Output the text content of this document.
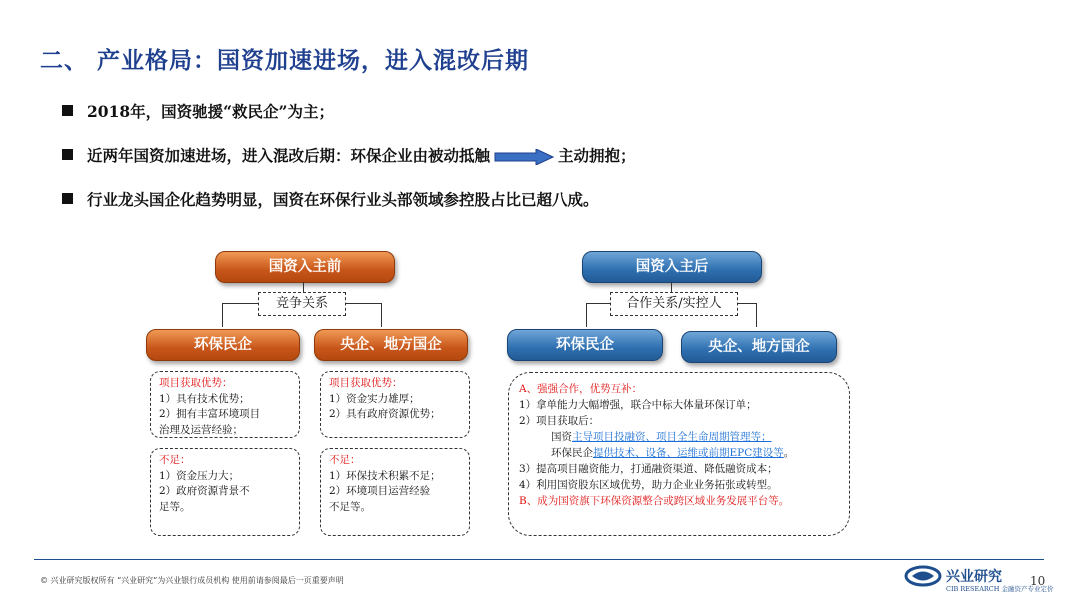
二、 产业格局：国资加速进场，进入混改后期
2018年，国资驰援“救民企”为主；
近两年国资加速进场，进入混改后期：环保企业由被动抵触	主动拥抱；
行业龙头国企化趋势明显，国资在环保行业头部领域参控股占比已超八成。
国资入主前
竞争关系
环保民企	央企、地方国企
项目获取优势：
1）具有技术优势；
2）拥有丰富环境项目
治理及运营经验；
项目获取优势：
1）资金实力雄厚；
2）具有政府资源优势；
不足：
1）资金压力大；
2）政府资源背景不
足等。
不足：
1）环保技术积累不足；
2）环境项目运营经验
不足等。
国资入主后
合作关系/实控人
环保民企	央企、地方国企
A、强强合作，优势互补：
1）拿单能力大幅增强，联合中标大体量环保订单；
2）项目获取后：
国资主导项目投融资、项目全生命周期管理等；
环保民企提供技术、设备、运维或前期EPC建设等。
3）提高项目融资能力，打通融资渠道、降低融资成本；
4）利用国资股东区域优势，助力企业业务拓张或转型。
B、成为国资旗下环保资源整合或跨区域业务发展平台等。
© 兴业研究版权所有 “兴业研究”为兴业银行成员机构 使用前请参阅最后一页重要声明	兴业研究
CIB RESEARCH 金融资产专业定价
10
